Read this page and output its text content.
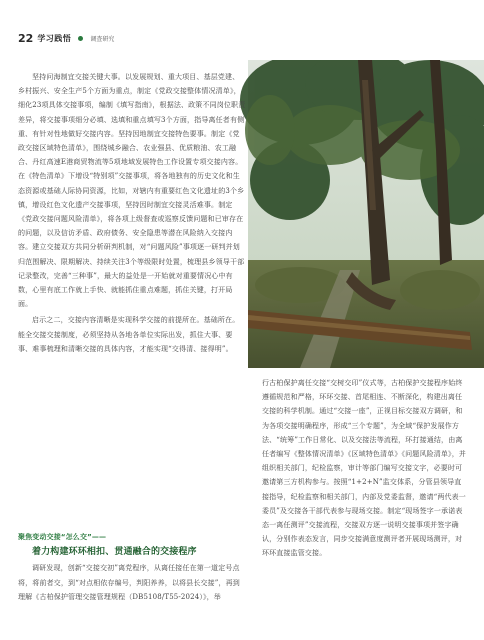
22 学习践悟	调查研究

坚持问海制宜交接关键大事。以发展规划、重大项目、基层党建、乡村振兴、安全生产5个方面为重点，制定《党政交接整体情况清单》，细化23项具体交接事项，编制《填写指南》，根据法、政策不同岗位职责差异，将交接事项细分必填、选填和重点填写3个方面，指导离任者有侧重、有针对性地做好交接内容。坚持因地制宜交接特色要事。制定《党政交接区域特色清单》，围绕城乡融合、农业强县、优质粮油、农工融合、丹红高速E港商贸物流等5项地域发展特色工作设置专项交接内容。在《特色清单》下增设“特别项”交接事项，将各地独有的历史文化和生态资源或基础人际协同资源，比如，对辖内有重要红色文化遗址的3个乡镇，增设红色文化遗产交接事项，坚持因时制宜交接灵活难事。制定《党政交接问题风险清单》，将各项上级督查或巡察反馈问题和已审存在的问题，以及信访矛盾、政府债务、安全隐患等潜在风险纳入交接内容。建立交接双方共同分析研判机制，对“问题风险”事项逐一研判并划归范围解决、限期解决、持续关注3个等级限时处置，梳理县乡领导干部记录整改，完善“三种事”，最大的益处是一开始就对重要情况心中有数，心里有底工作就上手快、就能抓住重点难题，抓住关键，打开局面。

启示之二，交接内容清晰是实现科学交接的前提所在。基础所在。能全交接交接制度，必须坚持从各地各单位实际出发，抓住大事、要事、难事梳理和清晰交接的具体内容，才能实现“交得清、接得明”。

聚焦变动交接“怎么交”——

着力构建环环相扣、贯通融合的交接程序

调研发现，创新“交接交初”离党程序，从离任接任在第一道定号点将，将前者交，到“对点相依存编号，判阳养养，以将县长交接”，再到理解《古柏保护管理交接管理规程（DB5108/T55-2024）》，举

行古柏保护离任交接“交树交印”仪式等，古柏保护交接程序始终遵循规范和严格，环环交接、首尾相连、不断深化，构建出离任交接的科学机制。通过“交接一座”，正视目标交接双方调研，和为各项交接明确程序，形成“三个专题”，为全域“保护发展作方法、“统筹”工作日常化、以及交接法等流程，环打接通结，由离任者编写《整体情况清单》《区域特色清单》《问题风险清单》，并组织相关部门，纪检监察，审计等部门编写交接文字，必要时可邀请第三方机构参与。按照“1+2+N”监交体系，分管县领导直接指导，纪检监察和相关部门，内部及党委监督，邀请“两代表一委员”及交接各干部代表参与现场交接。制定“现场签字一承诺表态一离任测评”交接流程，交接双方逐一说明交接事项并签字确认，分别作表态发言，同步交接满意度测评者开展现场测评，对环环直接监管交接。
